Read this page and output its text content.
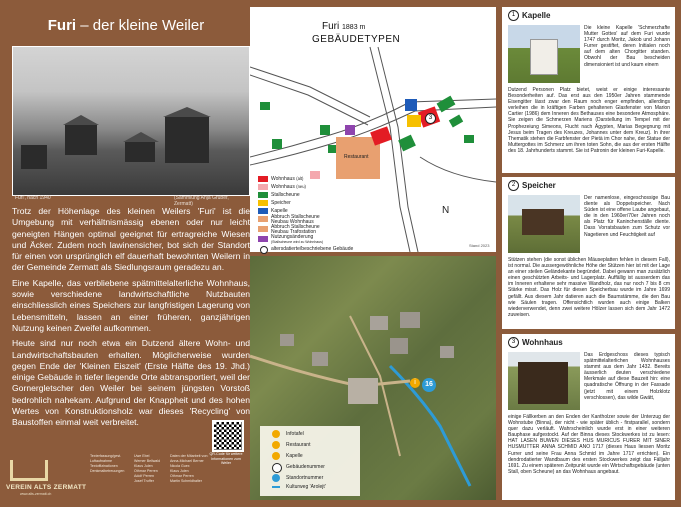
Furi – der kleine Weiler
'Furi', nach 1940	(Sammlung Anja Gruber, Zermatt)

Trotz der Höhenlage des kleinen Weilers 'Furi' ist die Umgebung mit verhältnismässig ebenen oder nur leicht geneigten Hängen optimal geeignet für ertragreiche Wiesen und Äcker. Zudem noch lawinensicher, bot sich der Standort für einen von ursprünglich elf dauerhaft bewohnten Weilern in der Gemeinde Zermatt als Siedlungsraum geradezu an.

Eine Kapelle, das verbliebene spätmittelalterliche Wohnhaus, sowie verschiedene landwirtschaftliche Nutzbauten einschliesslich eines Speichers zur langfristigen Lagerung von Lebensmitteln, lassen an einer früheren, ganzjährigen Nutzung keinen Zweifel aufkommen.

Heute sind nur noch etwa ein Dutzend ältere Wohn- und Landwirtschaftsbauten erhalten. Möglicherweise wurden gegen Ende der 'Kleinen Eiszeit' (Erste Hälfte des 19. Jhd.) einige Gebäude in tiefer liegende Orte abtransportiert, weil der Gornergletscher den Weiler bei seinem jüngsten Vorstoß bedrohlich nahekam. Aufgrund der Knappheit und des hohen Wertes von Konstruktionsholz war dieses 'Recycling' von Baustoffen einmal weit verbreitet.

QR-Code für weitere Informationen zum Weiler
VEREIN ALTS ZERMATT
www.alts-zermatt.ch
Texterfassung/gest.
Luftaufnahme
Textoffizinationen
Denkmalbetreuungen
Uwe Ebel
Werner Bellwald
Klaus Julen
Othmar Perren
Adolf Perren
Josef Truffer
Daten der Mitarbeit von:
Anna-Michael Berner
Nicola Guex
Klaus Julen
Othmar Perren
Martin Schmidhalter
Furi 1883 m
GEBÄUDETYPEN
Restaurant
3
Wohnhaus (alt)
Wohnhaus (neu)
Stallscheune
Speicher
Kapelle
Abbruch Stallscheune
Neubau Wohnhaus
Abbruch Stallscheune
Neubau Trafostation
Nutzungsänderung
(Stallscheune wird zu Wohnhaus)
altersdatierte/beschriebene Gebäude
N
Stand 2023
16
i
Infotafel
Restaurant
Kapelle
Gebäudenummer
Standortnummer
Kulturweg 'Arolejt'
1 Kapelle
Die kleine Kapelle 'Schmerzhafte Mutter Gottes' auf dem Furi wurde 1747 durch Moritz, Jakob und Johann Furrer gestiftet, deren Initialen noch auf dem alten Chorgitter standen. Obwohl der Bau bescheiden dimensioniert ist und kaum einem
Dutzend Personen Platz bietet, weist er einige interessante Besonderheiten auf. Das erst aus den 1950er Jahren stammende Eisengitter lässt zwar den Raum noch enger empfinden, allerdings verleihen die in kräftigen Farben gehaltenen Glasfenster von Marion Cartier (1986) dem Inneren des Bethauses eine besondere Atmosphäre. Sie zeigen die Schmerzen Mariens (Darstellung im Tempel mit der Prophezeiung Simeons, Flucht nach Ägypten, Marias Begegnung mit Jesus beim Tragen des Kreuzes, Johannes unter dem Kreuz). In ihrer Thematik stehen die Farbfenster der Pietà im Chor nahe, der Statue der Muttergottes im Schmerz um ihren toten Sohn, die aus der ersten Hälfte des 18. Jahrhunderts stammt. Sie ist Patronin der kleinen Furi-Kapelle.
2 Speicher
Der namenlose, eingeschossige Bau diente als Doppelspeicher. Nach Süden ist eine offene Laube angebaut, die in den 1960er/70er Jahren noch als Platz für Kaninchenställe diente. Dass Vorratsbauten zum Schutz vor Nagetieren und Feuchtigkeit auf
Stützen stehen (die sonst üblichen Mäuseplatten fehlen in diesem Fall), ist normal. Die aussergewöhnliche Höhe der Stützen hier ist mit der Lage an einer steilen Geländekante begründet. Dabei gewann man zusätzlich einen geschützten Arbeits- und Lagerplatz. Auffällig ist ausserdem das im Inneren erhaltene sehr massive Wandholz, das nur noch 7 bis 8 cm Stärke misst. Das Holz für diesen Speicherbau wurde im Jahre 1699 gefällt. Aus diesem Jahr datieren auch die Baumstämme, die den Bau wie Säulen tragen. Offensichtlich wurden auch einige Balken wiederverwendet, denn zwei weitere Hölzer lassen sich dem Jahr 1472 zuweisen.
3 Wohnhaus
Das Erdgeschoss dieses typisch spätmittelalterlichen Wohnhauses stammt aus dem Jahr 1432. Bereits äusserlich deuten verschiedene Merkmale auf diese Bauzeit hin: eine quadratische Öffnung in der Fassade (jetzt mit einem Holzklotz verschlossen), das wilde Gwätt,
einige Fällkerben an den Enden der Kantholzer sowie der Unterzug der Wohnstube (Binna), der nicht - wie später üblich - firstparallel, sondern quer dazu verläuft. Wahrscheinlich wurde erst in einer weiteren Bauphase aufgestockt. Auf der Binna dieses Stockwerkes ist zu lesen: HAT LASEN BUWEN DIESES HUS MURICUS FURER MIT SINER HUSMUTTER ANNA SCHMID ANO 1717 (dieses Haus liessen Moritz Furrer und seine Frau Anna Schmid im Jahre 1717 errichten). Ein dendrodatierter Wandbaum des ersten Stockwerkes zeigt das Fälljahr 1691. Zu einem späteren Zeitpunkt wurde ein Wirtschaftsgebäude (unten Stall, oben Scheune) an das Wohnhaus angebaut.
